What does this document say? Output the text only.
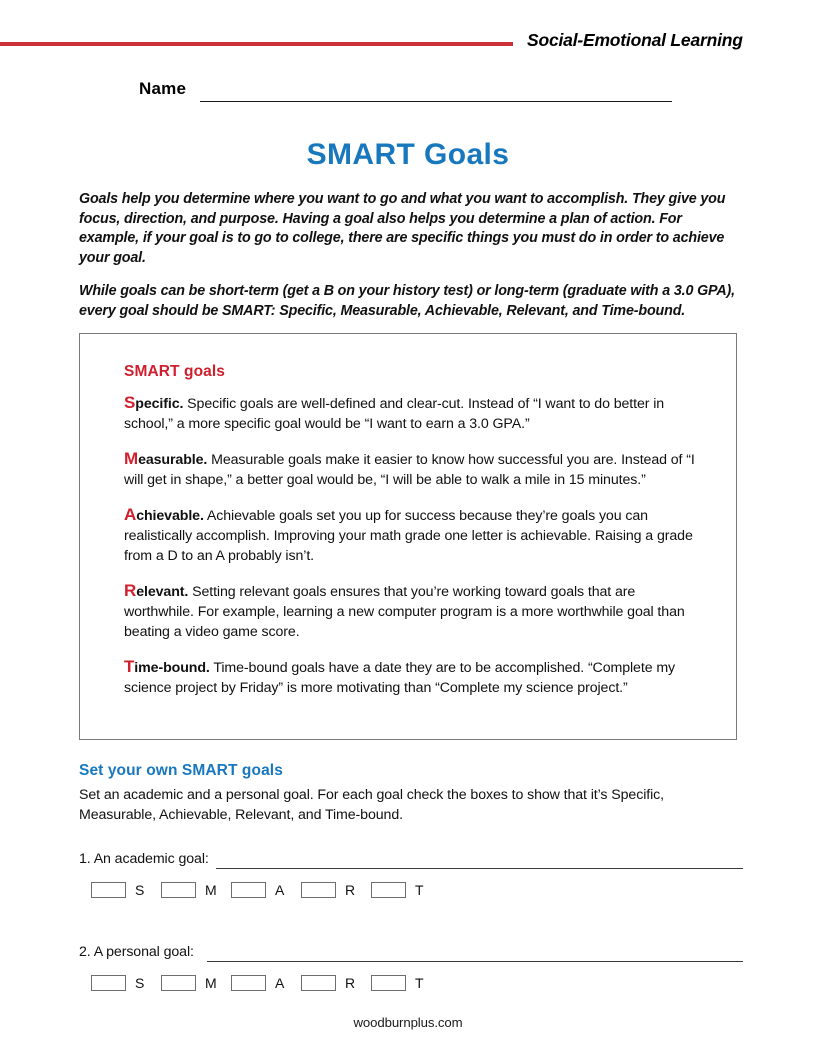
Social-Emotional Learning
Name
SMART Goals

Goals help you determine where you want to go and what you want to accomplish. They give you focus, direction, and purpose. Having a goal also helps you determine a plan of action. For example, if your goal is to go to college, there are specific things you must do in order to achieve your goal.

While goals can be short-term (get a B on your history test) or long-term (graduate with a 3.0 GPA), every goal should be SMART: Specific, Measurable, Achievable, Relevant, and Time-bound.

SMART goals

Specific. Specific goals are well-defined and clear-cut. Instead of “I want to do better in school,” a more specific goal would be “I want to earn a 3.0 GPA.”

Measurable. Measurable goals make it easier to know how successful you are. Instead of “I will get in shape,” a better goal would be, “I will be able to walk a mile in 15 minutes.”

Achievable. Achievable goals set you up for success because they’re goals you can realistically accomplish. Improving your math grade one letter is achievable. Raising a grade from a D to an A probably isn’t.

Relevant. Setting relevant goals ensures that you’re working toward goals that are worthwhile. For example, learning a new computer program is a more worthwhile goal than beating a video game score.

Time-bound. Time-bound goals have a date they are to be accomplished. “Complete my science project by Friday” is more motivating than “Complete my science project.”

Set your own SMART goals

Set an academic and a personal goal. For each goal check the boxes to show that it’s Specific, Measurable, Achievable, Relevant, and Time-bound.

1. An academic goal:
S	M	A	R	T
2. A personal goal:
S	M	A	R	T
woodburnplus.com
